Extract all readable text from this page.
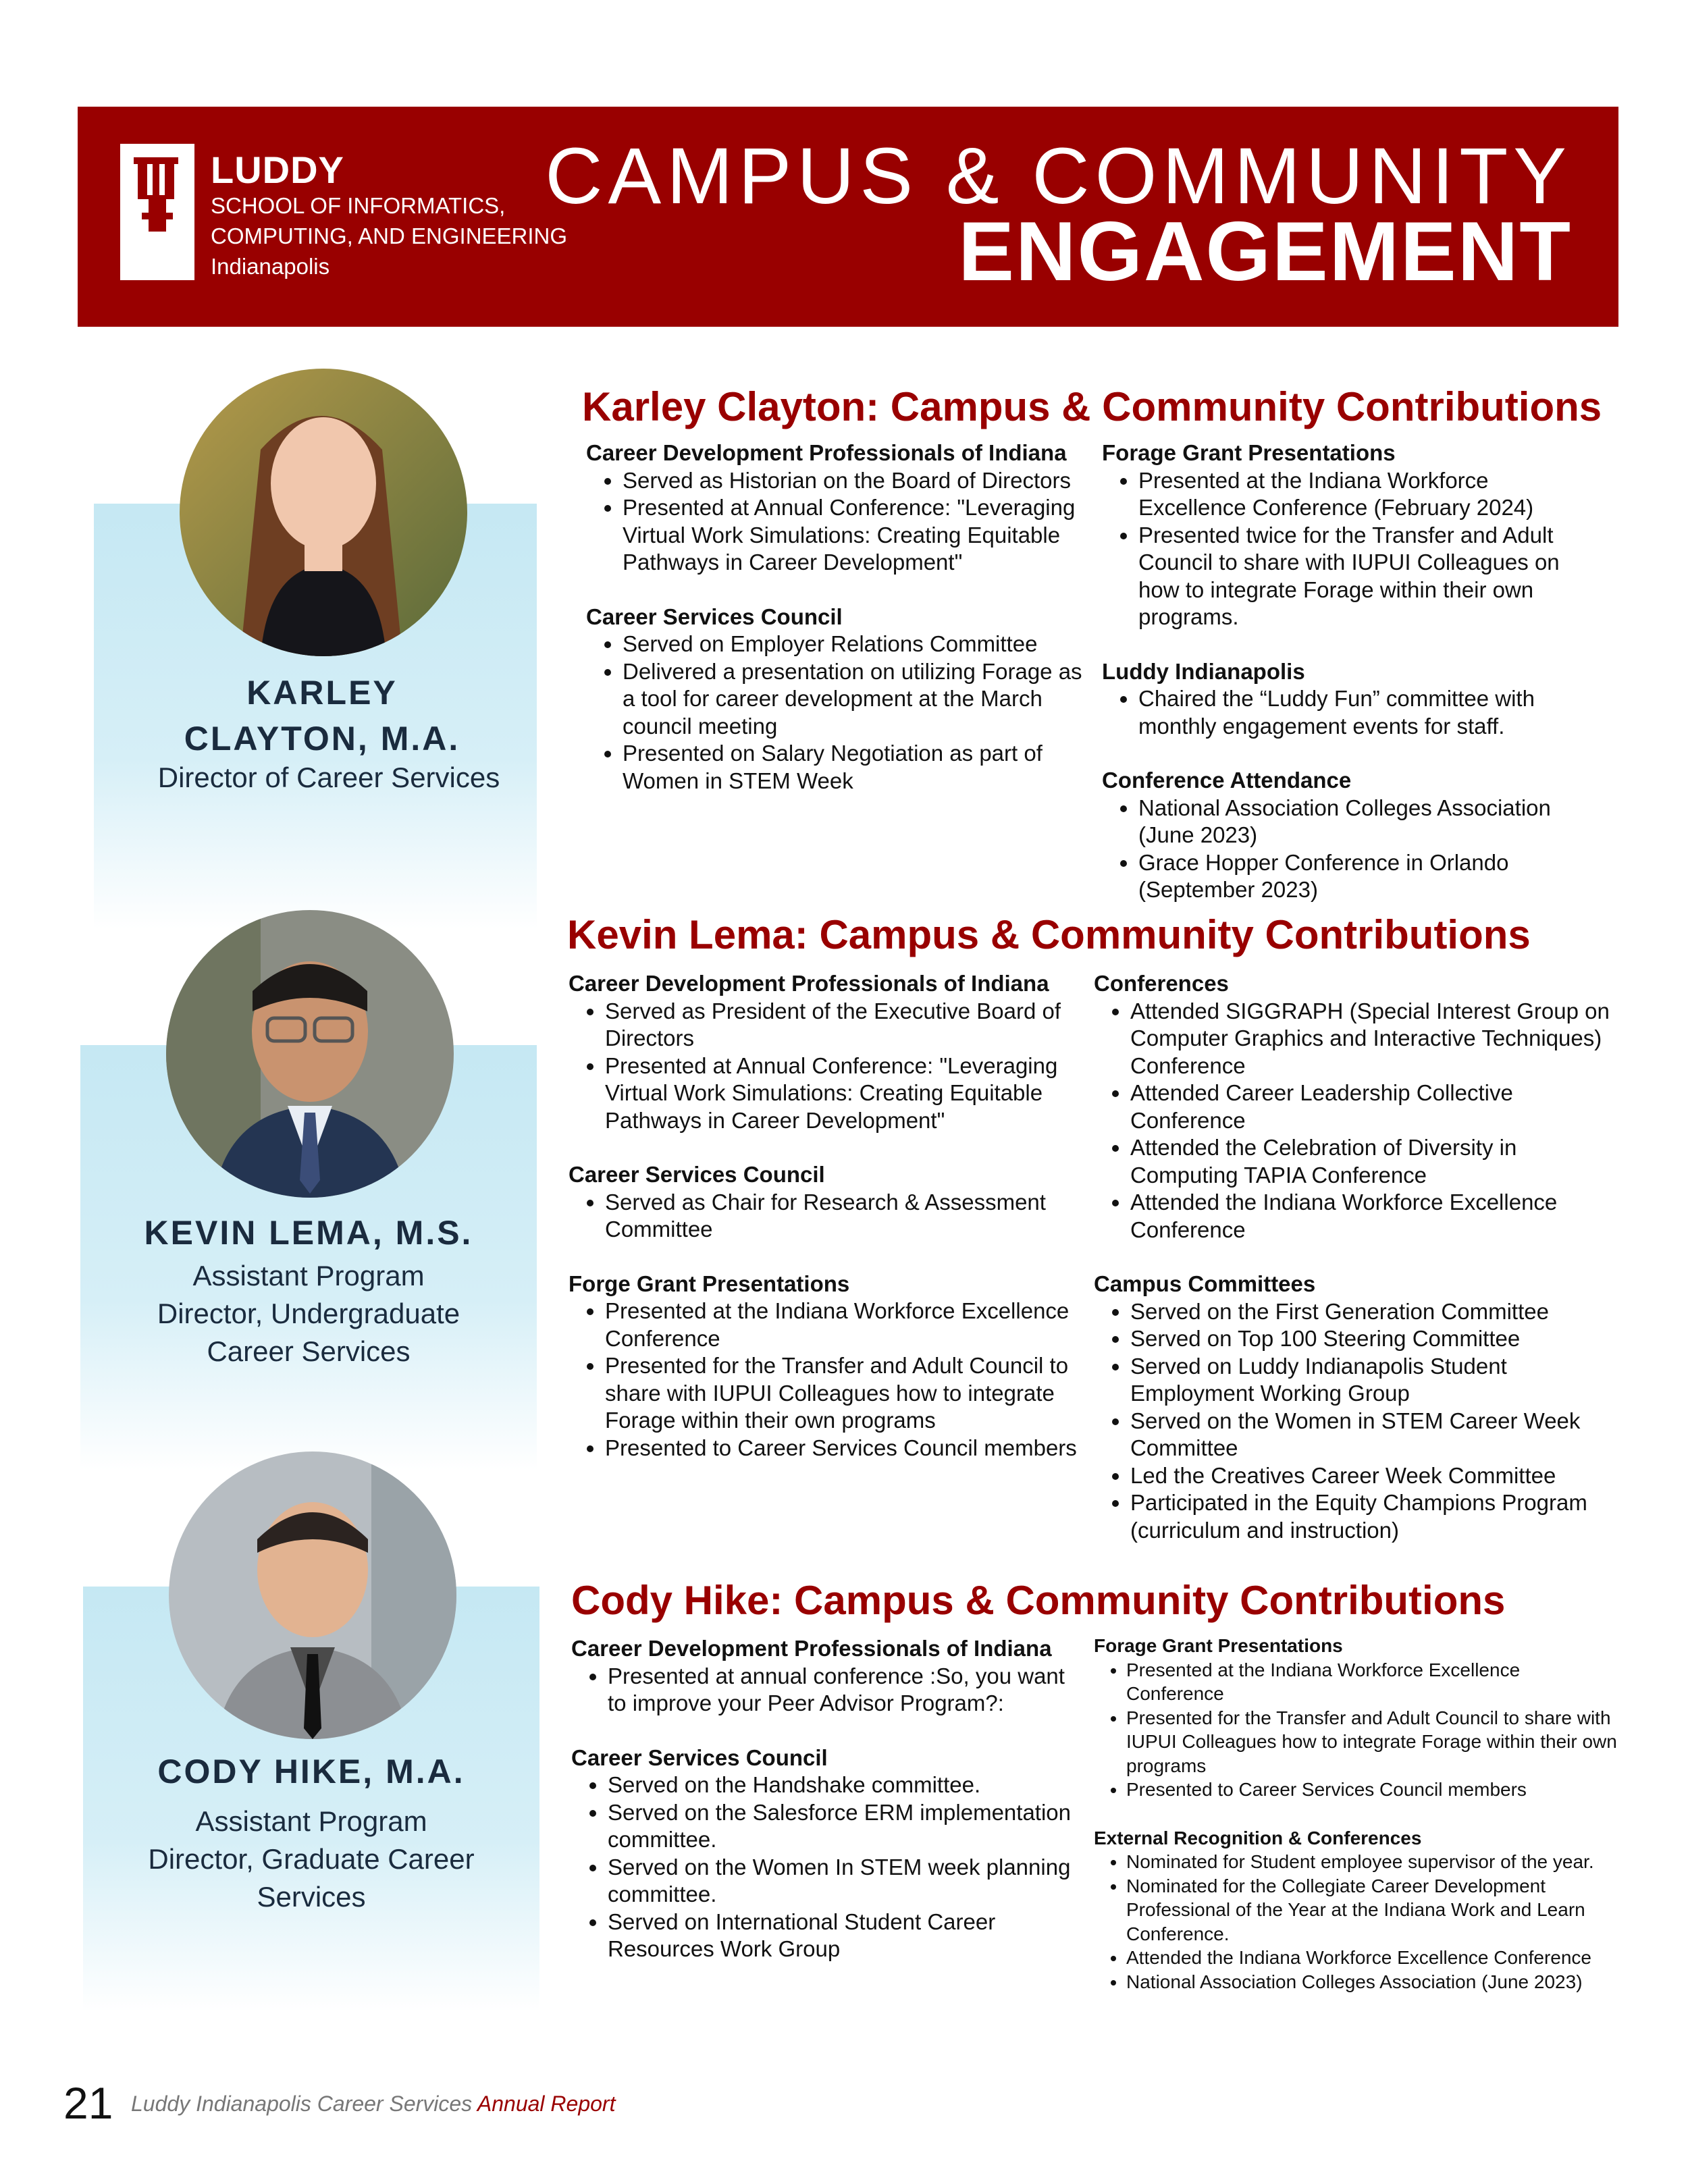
LUDDY
SCHOOL OF INFORMATICS,
COMPUTING, AND ENGINEERING
Indianapolis
CAMPUS & COMMUNITY
ENGAGEMENT
KARLEY
CLAYTON, M.A.
Director of Career Services
Karley Clayton: Campus & Community Contributions
Career Development Professionals of Indiana
• Served as Historian on the Board of Directors
• Presented at Annual Conference: "Leveraging Virtual Work Simulations: Creating Equitable Pathways in Career Development"
Career Services Council
• Served on Employer Relations Committee
• Delivered a presentation on utilizing Forage as a tool for career development at the March council meeting
• Presented on Salary Negotiation as part of Women in STEM Week
Forage Grant Presentations
• Presented at the Indiana Workforce Excellence Conference (February 2024)
• Presented twice for the Transfer and Adult Council to share with IUPUI Colleagues on how to integrate Forage within their own programs.
Luddy Indianapolis
• Chaired the “Luddy Fun” committee with monthly engagement events for staff.
Conference Attendance
• National Association Colleges Association (June 2023)
• Grace Hopper Conference in Orlando (September 2023)
KEVIN LEMA, M.S.
Assistant Program
Director, Undergraduate
Career Services
Kevin Lema: Campus & Community Contributions
Career Development Professionals of Indiana
• Served as President of the Executive Board of Directors
• Presented at Annual Conference: "Leveraging Virtual Work Simulations: Creating Equitable Pathways in Career Development"
Career Services Council
• Served as Chair for Research & Assessment Committee
Forge Grant Presentations
• Presented at the Indiana Workforce Excellence Conference
• Presented for the Transfer and Adult Council to share with IUPUI Colleagues how to integrate Forage within their own programs
• Presented to Career Services Council members
Conferences
• Attended SIGGRAPH (Special Interest Group on Computer Graphics and Interactive Techniques) Conference
• Attended Career Leadership Collective Conference
• Attended the Celebration of Diversity in Computing TAPIA Conference
• Attended the Indiana Workforce Excellence Conference
Campus Committees
• Served on the First Generation Committee
• Served on Top 100 Steering Committee
• Served on Luddy Indianapolis Student Employment Working Group
• Served on the Women in STEM Career Week Committee
• Led the Creatives Career Week Committee
• Participated in the Equity Champions Program (curriculum and instruction)
CODY HIKE, M.A.
Assistant Program
Director, Graduate Career
Services
Cody Hike: Campus & Community Contributions
Career Development Professionals of Indiana
• Presented at annual conference :So, you want to improve your Peer Advisor Program?:
Career Services Council
• Served on the Handshake committee.
• Served on the Salesforce ERM implementation committee.
• Served on the Women In STEM week planning committee.
• Served on International Student Career Resources Work Group
Forage Grant Presentations
• Presented at the Indiana Workforce Excellence Conference
• Presented for the Transfer and Adult Council to share with IUPUI Colleagues how to integrate Forage within their own programs
• Presented to Career Services Council members
External Recognition & Conferences
• Nominated for Student employee supervisor of the year.
• Nominated for the Collegiate Career Development Professional of the Year at the Indiana Work and Learn Conference.
• Attended the Indiana Workforce Excellence Conference
• National Association Colleges Association (June 2023)
21 Luddy Indianapolis Career Services Annual Report
